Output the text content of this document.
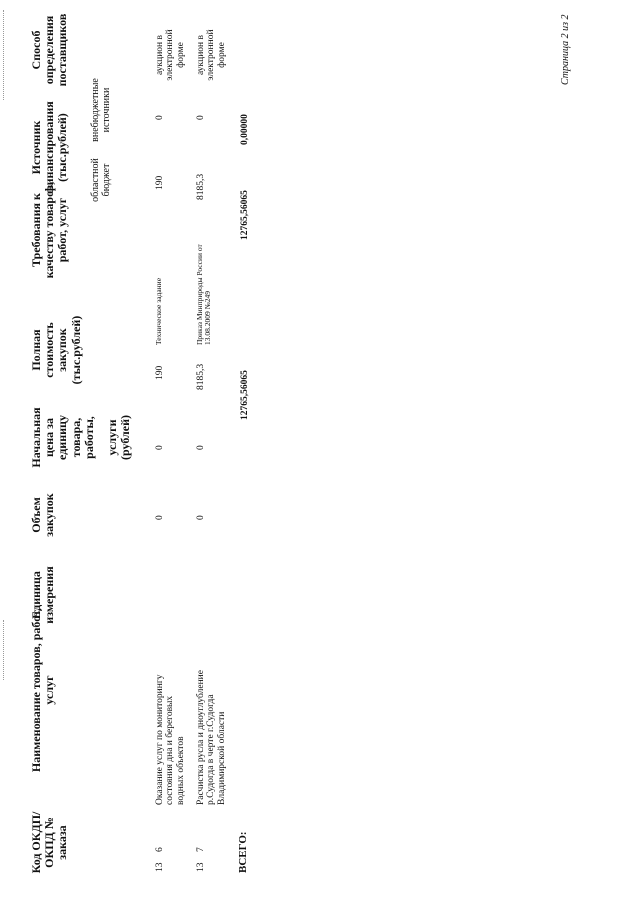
Код ОКДП/ ОКПД № заказа
Наименование товаров, работ, услуг
Единица измерения
Объем закупок
Начальная цена за единицу товара, работы, услуги (рублей)
Полная стоимость закупок (тыс.рублей)
Требования к качеству товаров, работ, услуг
Источник финансирования (тыс.рублей) областной бюджет
внебюджетные источники
Способ определения поставщиков
13
6
Оказание услуг по мониторингу состояния дна и береговых водных объектов
0
0
190
Техническое задание
190
0
аукцион в электронной форме
13
7
Расчистка русла и дноуглубление р.Судогда в черте г.Судогда Владимирской области
0
0
8185,3
Приказ Минприроды России от 13.08.2009 №249
8185,3
0
аукцион в электронной форме
ВСЕГО:
12765,56065
12765,56065
0,00000
Страница 2 из 2
